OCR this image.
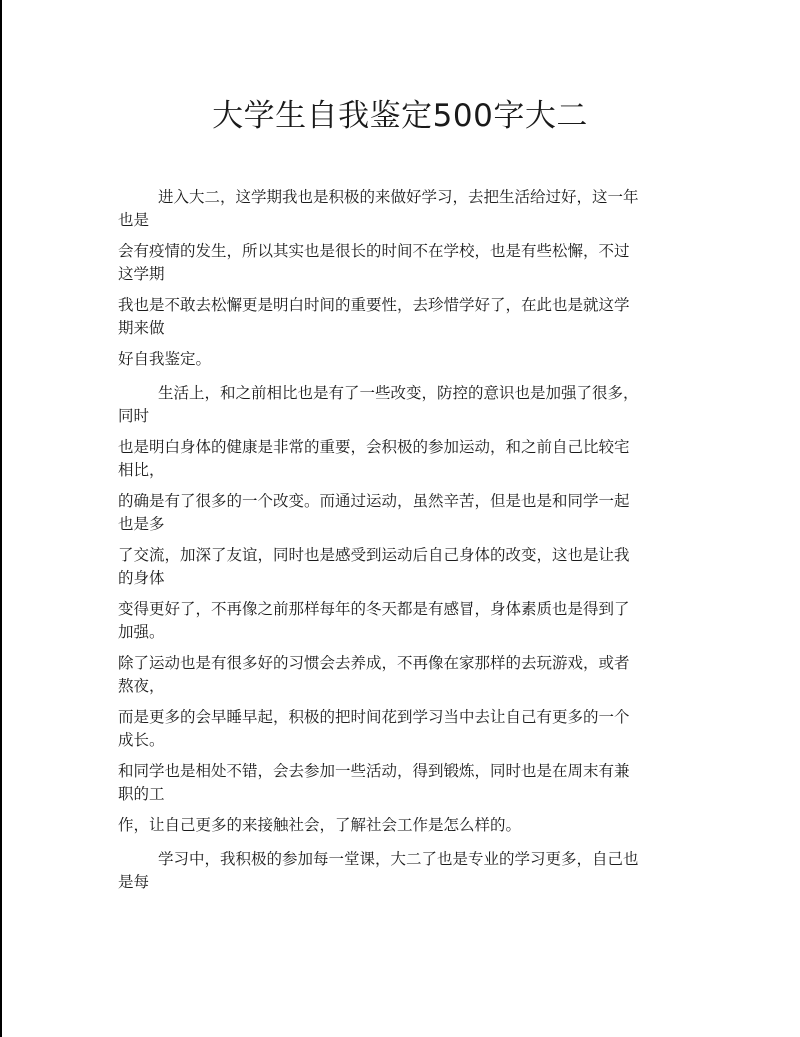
大学生自我鉴定500字大二

进入大二，这学期我也是积极的来做好学习，去把生活给过好，这一年
也是

会有疫情的发生，所以其实也是很长的时间不在学校，也是有些松懈，不过
这学期

我也是不敢去松懈更是明白时间的重要性，去珍惜学好了，在此也是就这学
期来做

好自我鉴定。

生活上，和之前相比也是有了一些改变，防控的意识也是加强了很多，
同时

也是明白身体的健康是非常的重要，会积极的参加运动，和之前自己比较宅
相比，

的确是有了很多的一个改变。而通过运动，虽然辛苦，但是也是和同学一起
也是多

了交流，加深了友谊，同时也是感受到运动后自己身体的改变，这也是让我
的身体

变得更好了，不再像之前那样每年的冬天都是有感冒，身体素质也是得到了
加强。

除了运动也是有很多好的习惯会去养成，不再像在家那样的去玩游戏，或者
熬夜，

而是更多的会早睡早起，积极的把时间花到学习当中去让自己有更多的一个
成长。

和同学也是相处不错，会去参加一些活动，得到锻炼，同时也是在周末有兼
职的工

作，让自己更多的来接触社会，了解社会工作是怎么样的。

学习中，我积极的参加每一堂课，大二了也是专业的学习更多，自己也
是每
